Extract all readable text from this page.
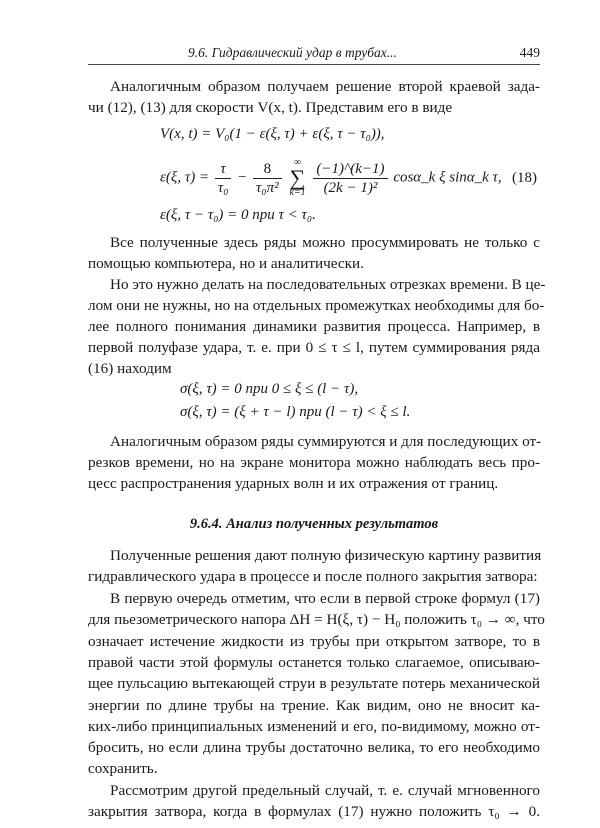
9.6. Гидравлический удар в трубах...	449
Аналогичным образом получаем решение второй краевой зада-
чи (12), (13) для скорости V(x, t). Представим его в виде
V(x, t) = V₀(1 − ε(ξ, τ) + ε(ξ, τ − τ₀)),
ε(ξ, $\tau) = \frac{\tau}{\text{τ₀}} - \frac{8}{\text{τ₀π²}}$
	∞
∑
k=1
$\frac{(-1)\^{}(k-1)}{\text{(2k − 1)²}}$ cosα_k ξ sinα_k τ, (18)
ε(ξ, τ − τ₀) = 0 при τ < τ₀.
Все полученные здесь ряды можно просуммировать не только с
помощью компьютера, но и аналитически.
Но это нужно делать на последовательных отрезках времени. В це-
лом они не нужны, но на отдельных промежутках необходимы для бо-
лее полного понимания динамики развития процесса. Например, в
первой полуфазе удара, т. е. при 0 ≤ τ ≤ l, путем суммирования ряда
(16) находим
σ(ξ, τ) = 0 при 0 ≤ ξ ≤ (l − τ),
σ(ξ, τ) = (ξ + τ − l) при (l − τ) < ξ ≤ l.
Аналогичным образом ряды суммируются и для последующих от-
резков времени, но на экране монитора можно наблюдать весь про-
цесс распространения ударных волн и их отражения от границ.
9.6.4. Анализ полученных результатов
Полученные решения дают полную физическую картину развития
гидравлического удара в процессе и после полного закрытия затвора:
В первую очередь отметим, что если в первой строке формул (17)
для пьезометрического напора ΔH = H(ξ, τ) − H₀ положить τ₀ → ∞, что
означает истечение жидкости из трубы при открытом затворе, то в
правой части этой формулы останется только слагаемое, описываю-
щее пульсацию вытекающей струи в результате потерь механической
энергии по длине трубы на трение. Как видим, оно не вносит ка-
ких-либо принципиальных изменений и его, по-видимому, можно от-
бросить, но если длина трубы достаточно велика, то его необходимо
сохранить.
Рассмотрим другой предельный случай, т. е. случай мгновенного
закрытия затвора, когда в формулах (17) нужно положить τ₀ → 0.
